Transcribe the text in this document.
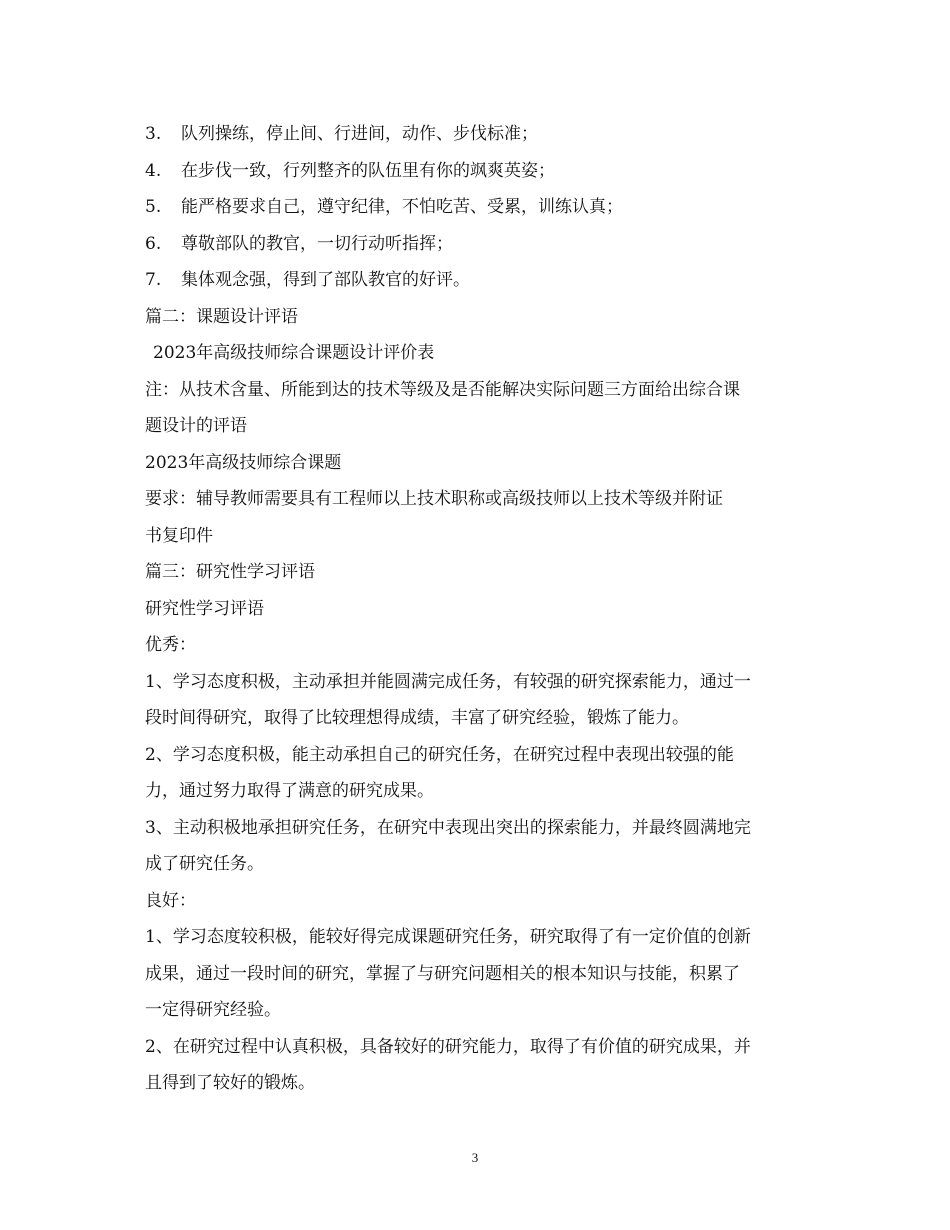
3. 队列操练，停止间、行进间，动作、步伐标准；
4. 在步伐一致，行列整齐的队伍里有你的飒爽英姿；
5. 能严格要求自己，遵守纪律，不怕吃苦、受累，训练认真；
6. 尊敬部队的教官，一切行动听指挥；
7. 集体观念强，得到了部队教官的好评。
篇二：课题设计评语
2023年高级技师综合课题设计评价表
注：从技术含量、所能到达的技术等级及是否能解决实际问题三方面给出综合课
题设计的评语
2023年高级技师综合课题
要求：辅导教师需要具有工程师以上技术职称或高级技师以上技术等级并附证
书复印件
篇三：研究性学习评语
研究性学习评语
优秀：
1、学习态度积极，主动承担并能圆满完成任务，有较强的研究探索能力，通过一
段时间得研究，取得了比较理想得成绩，丰富了研究经验，锻炼了能力。
2、学习态度积极，能主动承担自己的研究任务，在研究过程中表现出较强的能
力，通过努力取得了满意的研究成果。
3、主动积极地承担研究任务，在研究中表现出突出的探索能力，并最终圆满地完
成了研究任务。
良好：
1、学习态度较积极，能较好得完成课题研究任务，研究取得了有一定价值的创新
成果，通过一段时间的研究，掌握了与研究问题相关的根本知识与技能，积累了
一定得研究经验。
2、在研究过程中认真积极，具备较好的研究能力，取得了有价值的研究成果，并
且得到了较好的锻炼。
3
